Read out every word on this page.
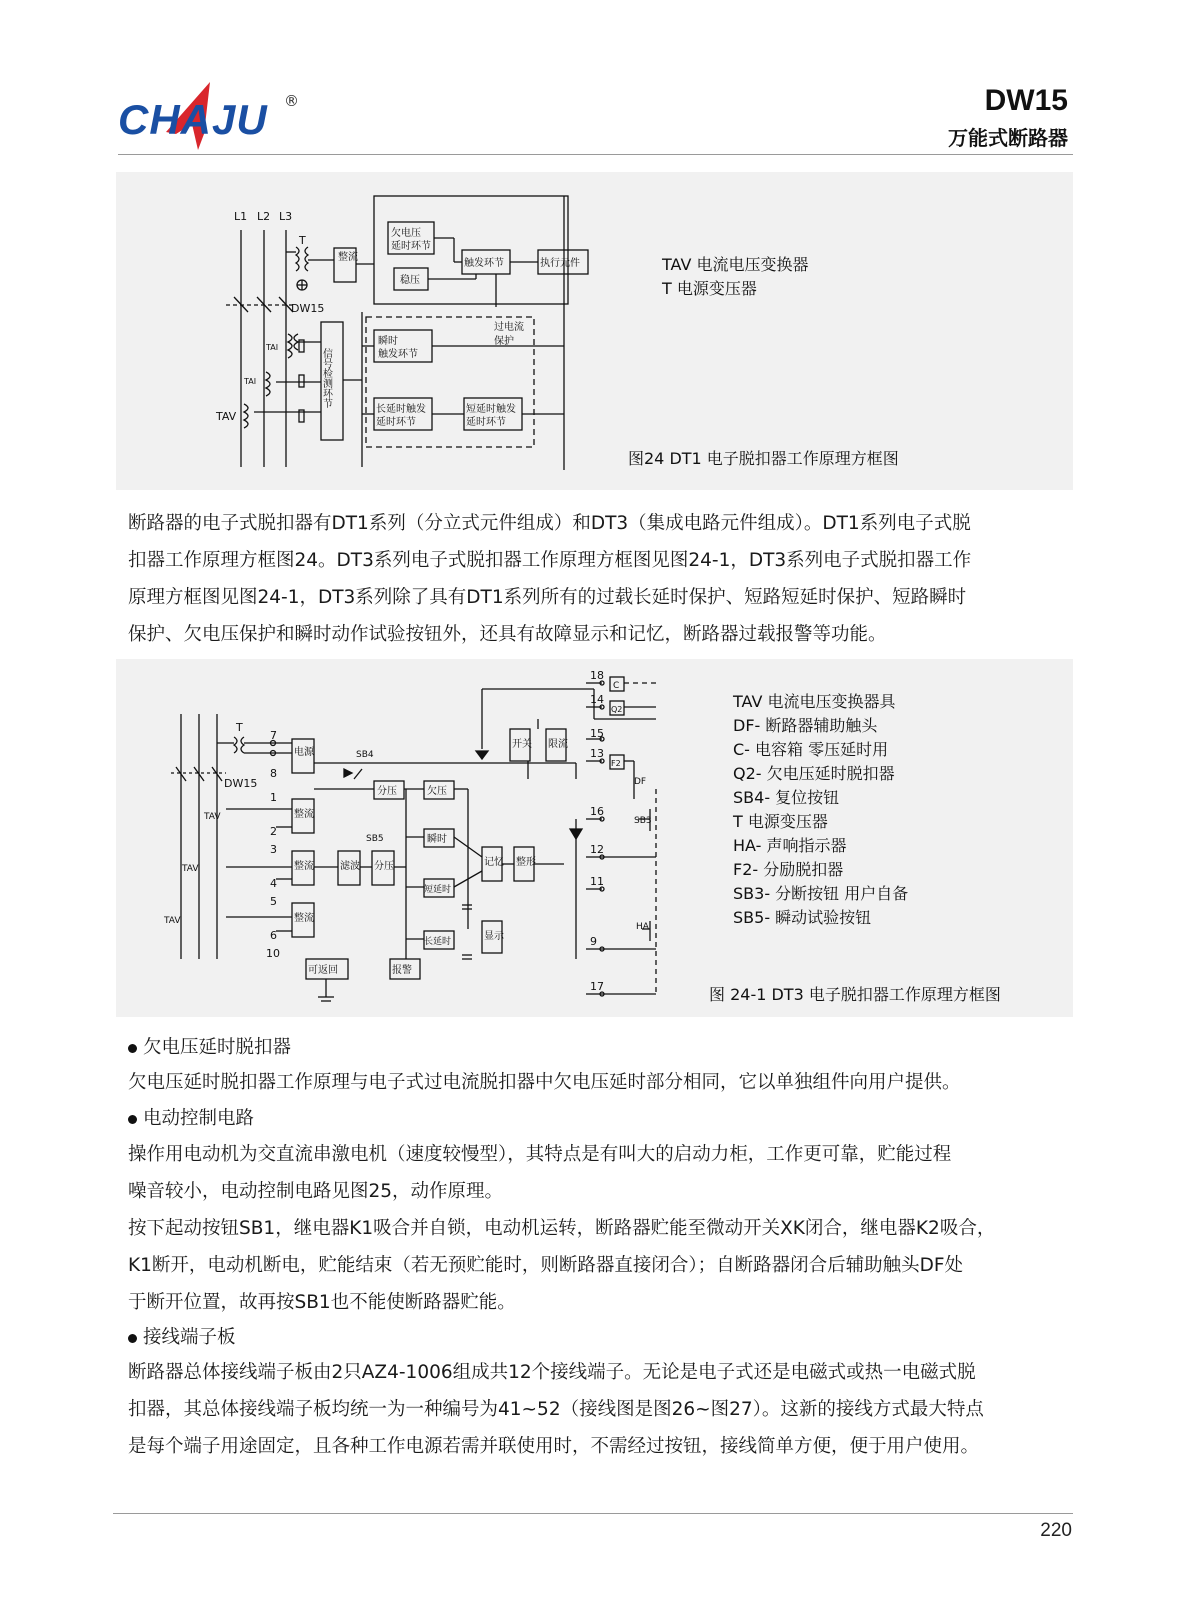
CHAJU ®	DW15
万能式断路器
L1 L2 L3
T
DW15
TAV
TAI
TAI
整流
欠电压
延时环节
稳压
触发环节	执行元件
过电流
保护
信号检测环节
瞬时
触发环节
长延时触发
延时环节
短延时触发
延时环节
TAV 电流电压变换器
T 电源变压器
图24 DT1 电子脱扣器工作原理方框图
断路器的电子式脱扣器有DT1系列（分立式元件组成）和DT3（集成电路元件组成）。DT1系列电子式脱
扣器工作原理方框图24。DT3系列电子式脱扣器工作原理方框图见图24-1，DT3系列电子式脱扣器工作
原理方框图见图24-1，DT3系列除了具有DT1系列所有的过载长延时保护、短路短延时保护、短路瞬时
保护、欠电压保护和瞬时动作试验按钮外，还具有故障显示和记忆，断路器过载报警等功能。
T
DW15
TAV
TAV
TAV
电源
整流
整流
整流
滤波 分压
分压	欠压
瞬时
短延时
长延时
记忆 整形
显示
可返回	报警
开关 限流
C
Q2
F2
SB4
SB5
SB3
DF
HA
7
8
1
2
3
4
5
6
10
18
14
15
13
16
12
11
9
17
TAV 电流电压变换器具
DF- 断路器辅助触头
C- 电容箱 零压延时用
Q2- 欠电压延时脱扣器
SB4- 复位按钮
T 电源变压器
HA- 声响指示器
F2- 分励脱扣器
SB3- 分断按钮 用户自备
SB5- 瞬动试验按钮
图 24-1 DT3 电子脱扣器工作原理方框图
欠电压延时脱扣器
欠电压延时脱扣器工作原理与电子式过电流脱扣器中欠电压延时部分相同，它以单独组件向用户提供。
电动控制电路
操作用电动机为交直流串激电机（速度较慢型），其特点是有叫大的启动力柜，工作更可靠，贮能过程
噪音较小，电动控制电路见图25，动作原理。
按下起动按钮SB1，继电器K1吸合并自锁，电动机运转，断路器贮能至微动开关XK闭合，继电器K2吸合，
K1断开，电动机断电，贮能结束（若无预贮能时，则断路器直接闭合）；自断路器闭合后辅助触头DF处
于断开位置，故再按SB1也不能使断路器贮能。
接线端子板
断路器总体接线端子板由2只AZ4-1006组成共12个接线端子。无论是电子式还是电磁式或热一电磁式脱
扣器，其总体接线端子板均统一为一种编号为41~52（接线图是图26~图27）。这新的接线方式最大特点
是每个端子用途固定，且各种工作电源若需并联使用时，不需经过按钮，接线简单方便，便于用户使用。
220
